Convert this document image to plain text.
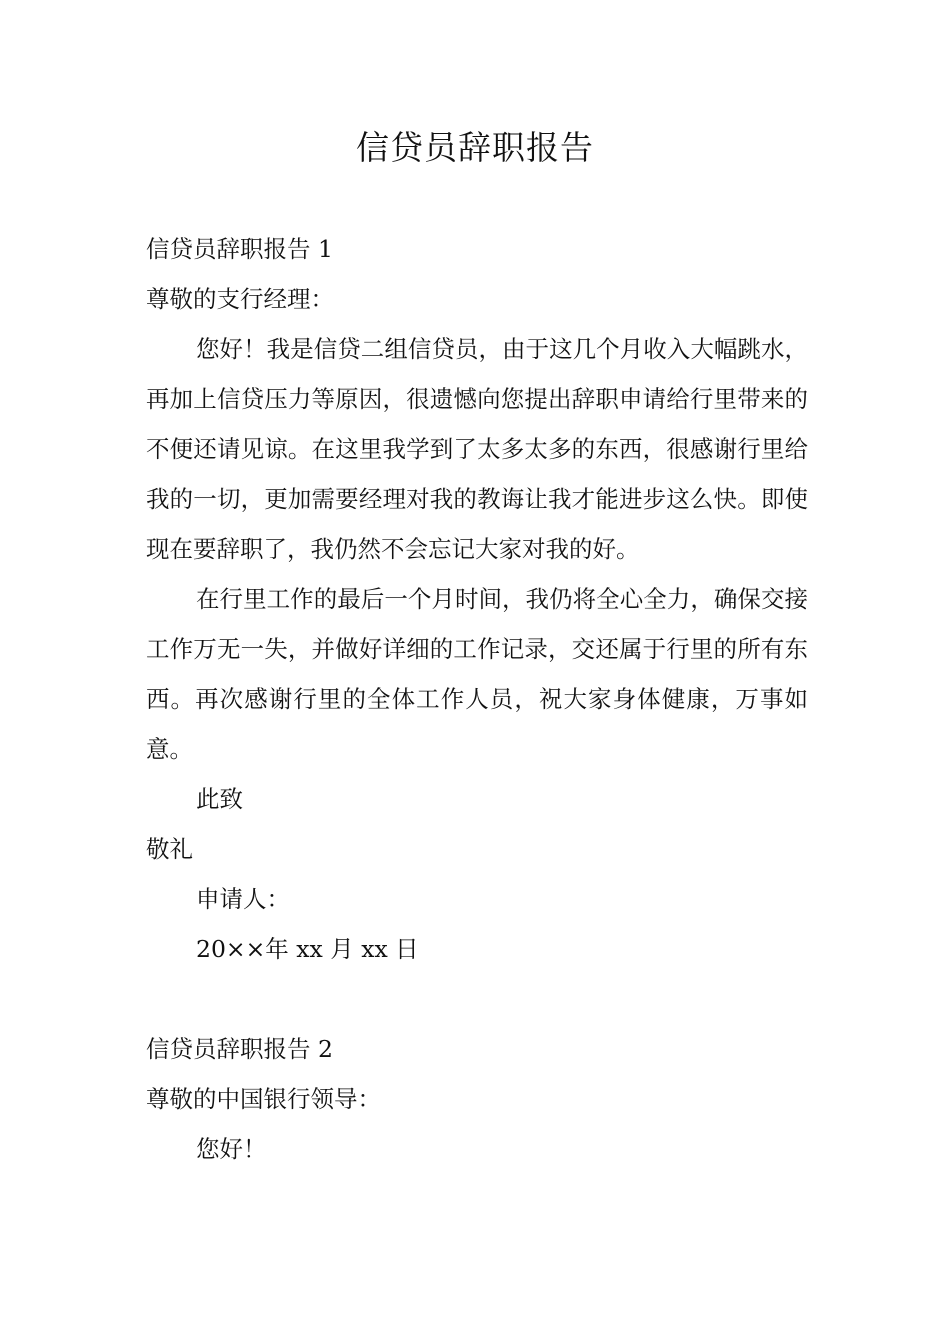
信贷员辞职报告
信贷员辞职报告 1
尊敬的支行经理：

您好！我是信贷二组信贷员，由于这几个月收入大幅跳水，再加上信贷压力等原因，很遗憾向您提出辞职申请给行里带来的不便还请见谅。在这里我学到了太多太多的东西，很感谢行里给我的一切，更加需要经理对我的教诲让我才能进步这么快。即使现在要辞职了，我仍然不会忘记大家对我的好。

在行里工作的最后一个月时间，我仍将全心全力，确保交接工作万无一失，并做好详细的工作记录，交还属于行里的所有东西。再次感谢行里的全体工作人员，祝大家身体健康，万事如意。

此致
敬礼
申请人：
20××年 xx 月 xx 日
信贷员辞职报告 2
尊敬的中国银行领导：
您好！
